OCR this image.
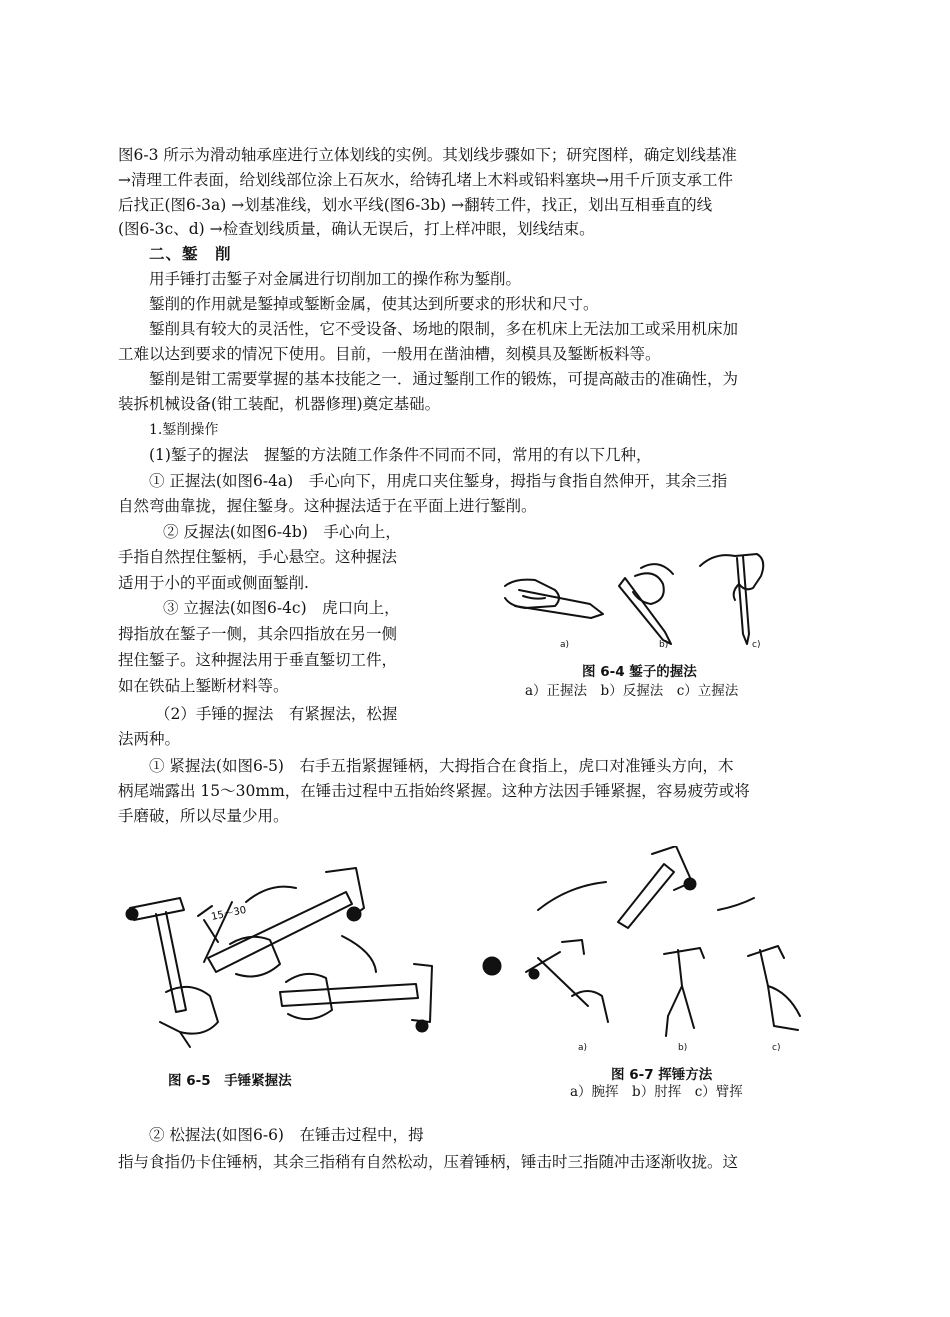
图6-3 所示为滑动轴承座进行立体划线的实例。其划线步骤如下；研究图样，确定划线基准
→清理工件表面，给划线部位涂上石灰水，给铸孔堵上木料或铅料塞块→用千斤顶支承工件
后找正(图6-3a) →划基准线，划水平线(图6-3b) →翻转工件，找正，划出互相垂直的线
(图6-3c、d) →检查划线质量，确认无误后，打上样冲眼，划线结束。
二、錾　削
用手锤打击錾子对金属进行切削加工的操作称为錾削。
錾削的作用就是錾掉或錾断金属，使其达到所要求的形状和尺寸。
錾削具有较大的灵活性，它不受设备、场地的限制，多在机床上无法加工或采用机床加
工难以达到要求的情况下使用。目前，一般用在凿油槽，刻模具及錾断板料等。
錾削是钳工需要掌握的基本技能之一．通过錾削工作的锻炼，可提高敲击的准确性，为
装拆机械设备(钳工装配，机器修理)奠定基础。
1.錾削操作
(1)錾子的握法　握錾的方法随工作条件不同而不同，常用的有以下几种，
① 正握法(如图6-4a)　手心向下，用虎口夹住錾身，拇指与食指自然伸开，其余三指
自然弯曲靠拢，握住錾身。这种握法适于在平面上进行錾削。
② 反握法(如图6-4b)　手心向上，
手指自然捏住錾柄，手心悬空。这种握法
适用于小的平面或侧面錾削.
③ 立握法(如图6-4c)　虎口向上，
拇指放在錾子一侧，其余四指放在另一侧
捏住錾子。这种握法用于垂直錾切工件，
如在铁砧上錾断材料等。
（2）手锤的握法　有紧握法，松握
法两种。
① 紧握法(如图6-5)　右手五指紧握锤柄，大拇指合在食指上，虎口对准锤头方向，木
柄尾端露出 15～30mm，在锤击过程中五指始终紧握。这种方法因手锤紧握，容易疲劳或将
手磨破，所以尽量少用。
② 松握法(如图6-6)　在锤击过程中，拇
指与食指仍卡住锤柄，其余三指稍有自然松动，压着锤柄，锤击时三指随冲击逐渐收拢。这
a)	b)	c)
图 6-4 錾子的握法
a）正握法　b）反握法　c）立握法
15～30
图 6-5　手锤紧握法
a)	b)	c)
图 6-7 挥锤方法
a）腕挥　b）肘挥　c）臂挥
